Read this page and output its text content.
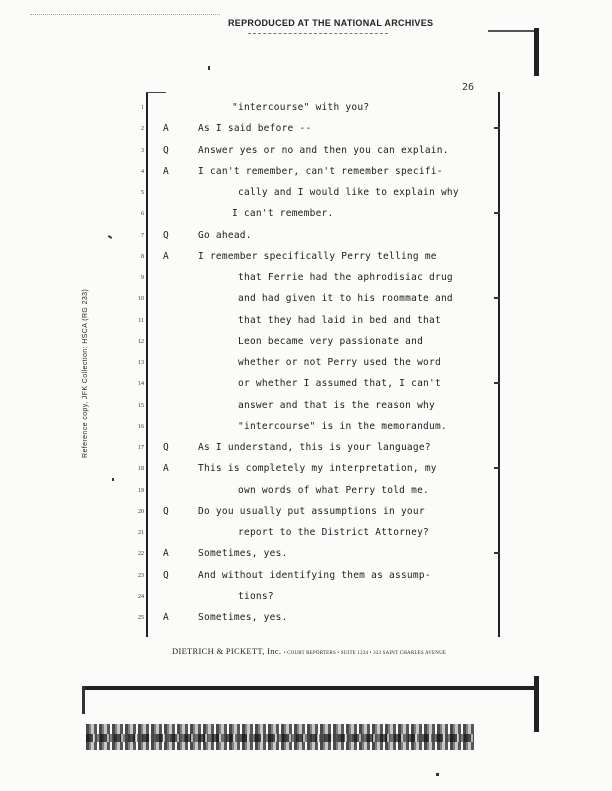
REPRODUCED AT THE NATIONAL ARCHIVES
26
Reference copy, JFK Collection: HSCA (RG 233)
1	"intercourse" with you?
2 A	As I said before --
3 Q	Answer yes or no and then you can explain.
4 A	I can't remember, can't remember specifi-
5	cally and I would like to explain why
6	I can't remember.
7 Q	Go ahead.
8 A	I remember specifically Perry telling me
9	that Ferrie had the aphrodisiac drug
10	and had given it to his roommate and
11	that they had laid in bed and that
12	Leon became very passionate and
13	whether or not Perry used the word
14	or whether I assumed that, I can't
15	answer and that is the reason why
16	"intercourse" is in the memorandum.
17 Q	As I understand, this is your language?
18 A	This is completely my interpretation, my
19	own words of what Perry told me.
20 Q	Do you usually put assumptions in your
21	report to the District Attorney?
22 A	Sometimes, yes.
23 Q	And without identifying them as assump-
24	tions?
25 A	Sometimes, yes.
DIETRICH & PICKETT, Inc. • COURT REPORTERS • SUITE 1224 • 333 SAINT CHARLES AVENUE
